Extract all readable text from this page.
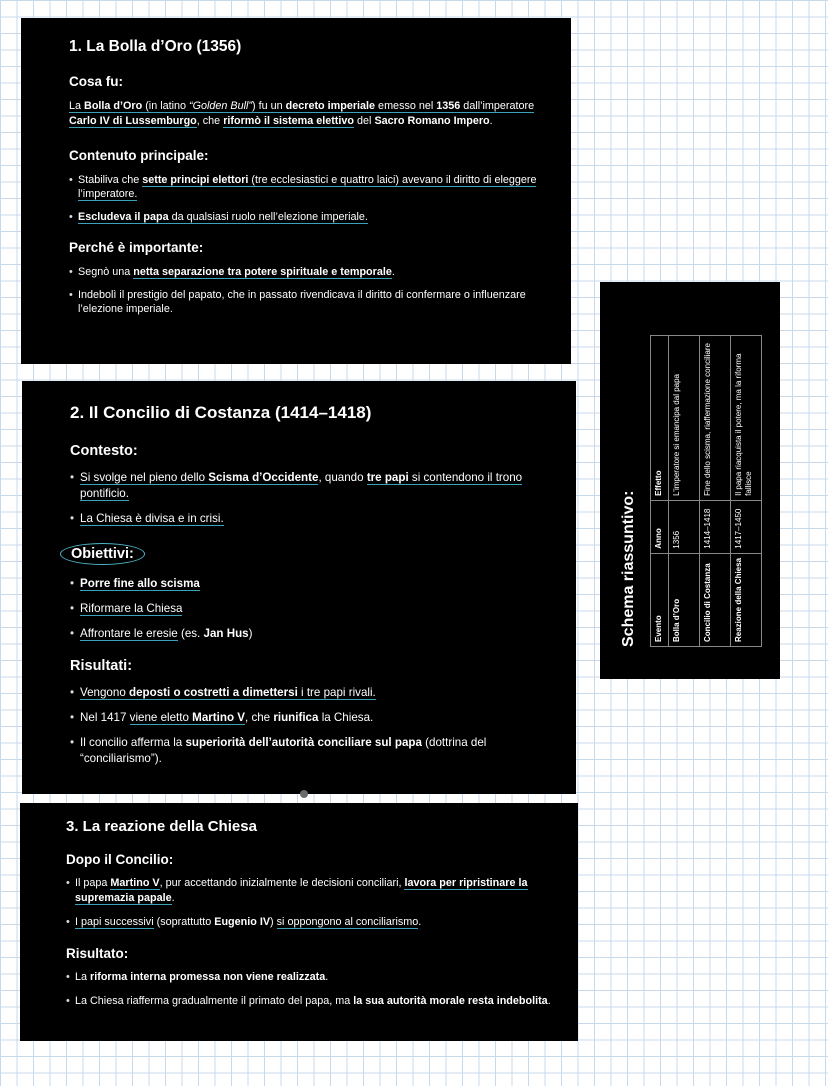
1. La Bolla d’Oro (1356)
Cosa fu:

La Bolla d’Oro (in latino “Golden Bull”) fu un decreto imperiale emesso nel 1356 dall’imperatore Carlo IV di Lussemburgo, che riformò il sistema elettivo del Sacro Romano Impero.

Contenuto principale:
• Stabiliva che sette principi elettori (tre ecclesiastici e quattro laici) avevano il diritto di eleggere l’imperatore.
• Escludeva il papa da qualsiasi ruolo nell’elezione imperiale.
Perché è importante:
• Segnò una netta separazione tra potere spirituale e temporale.
• Indebolì il prestigio del papato, che in passato rivendicava il diritto di confermare o influenzare l’elezione imperiale.
2. Il Concilio di Costanza (1414–1418)
Contesto:
• Si svolge nel pieno dello Scisma d’Occidente, quando tre papi si contendono il trono pontificio.
• La Chiesa è divisa e in crisi.
Obiettivi:
• Porre fine allo scisma
• Riformare la Chiesa
• Affrontare le eresie (es. Jan Hus)
Risultati:
• Vengono deposti o costretti a dimettersi i tre papi rivali.
• Nel 1417 viene eletto Martino V, che riunifica la Chiesa.
• Il concilio afferma la superiorità dell’autorità conciliare sul papa (dottrina del “conciliarismo”).
3. La reazione della Chiesa
Dopo il Concilio:
• Il papa Martino V, pur accettando inizialmente le decisioni conciliari, lavora per ripristinare la supremazia papale.
• I papi successivi (soprattutto Eugenio IV) si oppongono al conciliarismo.
Risultato:
• La riforma interna promessa non viene realizzata.
• La Chiesa riafferma gradualmente il primato del papa, ma la sua autorità morale resta indebolita.
Schema riassuntivo: Evento	Anno	Effetto
Bolla d’Oro	1356	L’imperatore si emancipa dal papa
Concilio di Costanza	1414–1418	Fine dello scisma, riaffermazione conciliare
Reazione della Chiesa	1417–1450	Il papa riacquista il potere, ma la riforma fallisce
